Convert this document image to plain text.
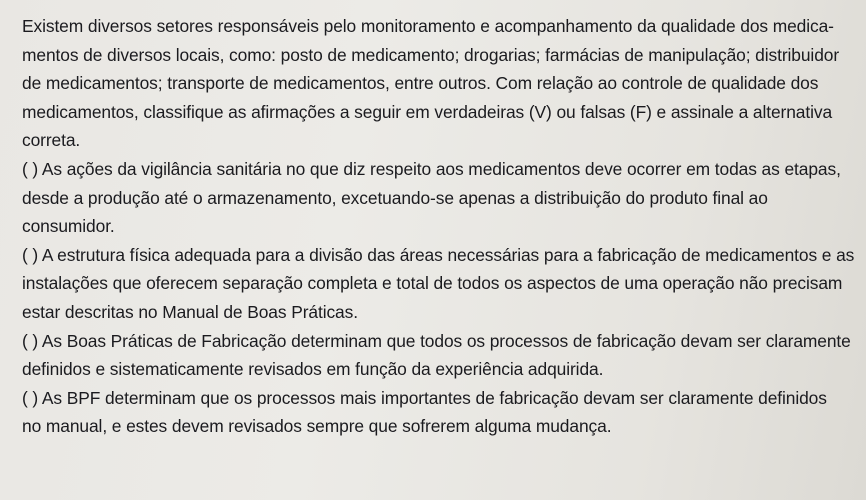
Existem diversos setores responsáveis pelo monitoramento e acompanhamento da qualidade dos medica-
mentos de diversos locais, como: posto de medicamento; drogarias; farmácias de manipulação; distribuidor
de medicamentos; transporte de medicamentos, entre outros. Com relação ao controle de qualidade dos
medicamentos, classifique as afirmações a seguir em verdadeiras (V) ou falsas (F) e assinale a alternativa
correta.

( ) As ações da vigilância sanitária no que diz respeito aos medicamentos deve ocorrer em todas as etapas,
desde a produção até o armazenamento, excetuando-se apenas a distribuição do produto final ao
consumidor.

( ) A estrutura física adequada para a divisão das áreas necessárias para a fabricação de medicamentos e as
instalações que oferecem separação completa e total de todos os aspectos de uma operação não precisam
estar descritas no Manual de Boas Práticas.

( ) As Boas Práticas de Fabricação determinam que todos os processos de fabricação devam ser claramente
definidos e sistematicamente revisados em função da experiência adquirida.

( ) As BPF determinam que os processos mais importantes de fabricação devam ser claramente definidos
no manual, e estes devem revisados sempre que sofrerem alguma mudança.
